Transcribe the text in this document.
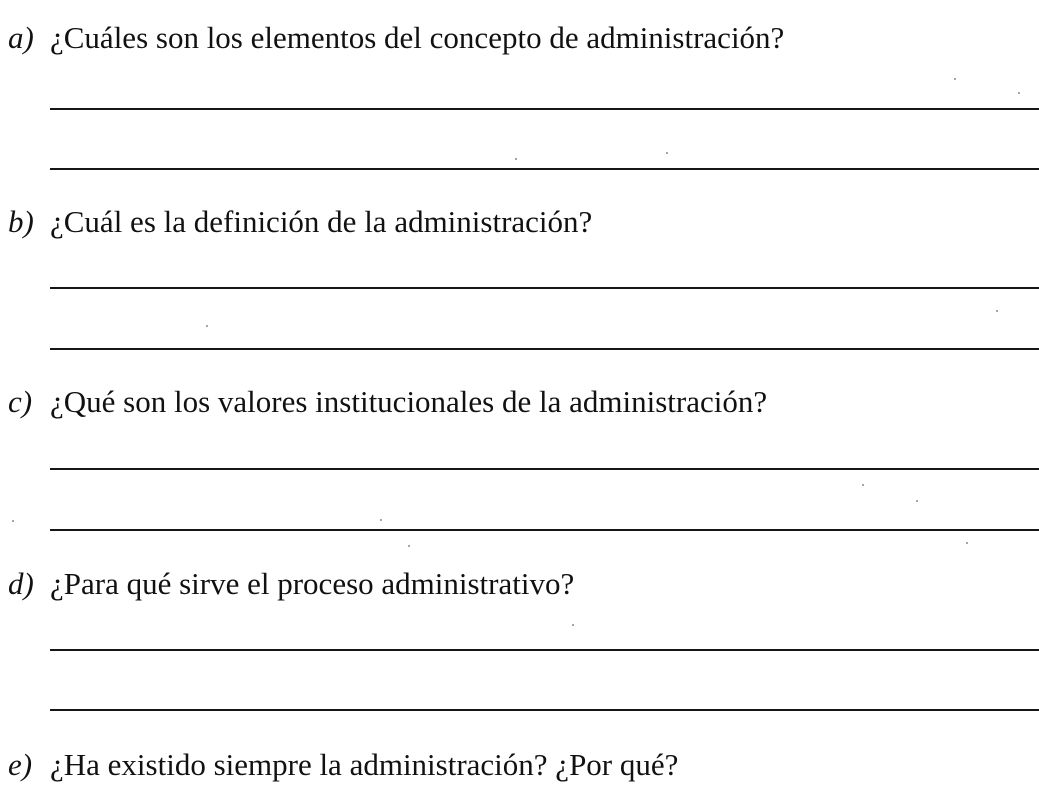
a) ¿Cuáles son los elementos del concepto de administración?
b) ¿Cuál es la definición de la administración?
c) ¿Qué son los valores institucionales de la administración?
d) ¿Para qué sirve el proceso administrativo?
e) ¿Ha existido siempre la administración? ¿Por qué?
